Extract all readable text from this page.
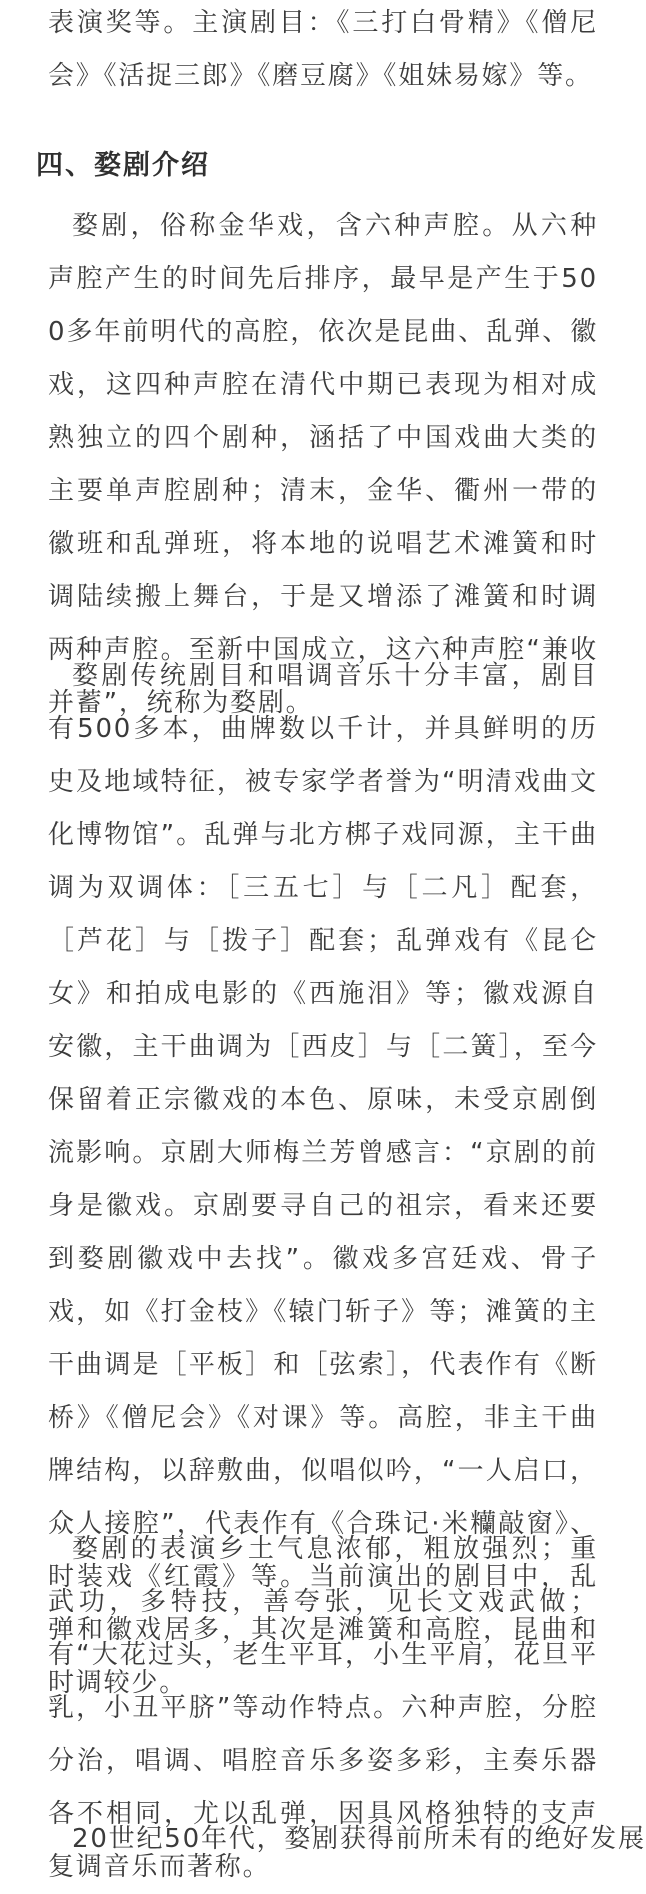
表演奖等。主演剧目：《三打白骨精》《僧尼会》《活捉三郎》《磨豆腐》《姐妹易嫁》等。

四、婺剧介绍

婺剧，俗称金华戏，含六种声腔。从六种声腔产生的时间先后排序，最早是产生于500多年前明代的高腔，依次是昆曲、乱弹、徽戏，这四种声腔在清代中期已表现为相对成熟独立的四个剧种，涵括了中国戏曲大类的主要单声腔剧种；清末，金华、衢州一带的徽班和乱弹班，将本地的说唱艺术滩簧和时调陆续搬上舞台，于是又增添了滩簧和时调两种声腔。至新中国成立，这六种声腔“兼收并蓄”，统称为婺剧。

婺剧传统剧目和唱调音乐十分丰富，剧目有500多本，曲牌数以千计，并具鲜明的历史及地域特征，被专家学者誉为“明清戏曲文化博物馆”。乱弹与北方梆子戏同源，主干曲调为双调体：［三五七］与［二凡］配套，［芦花］与［拨子］配套；乱弹戏有《昆仑女》和拍成电影的《西施泪》等；徽戏源自安徽，主干曲调为［西皮］与［二簧］，至今保留着正宗徽戏的本色、原味，未受京剧倒流影响。京剧大师梅兰芳曾感言：“京剧的前身是徽戏。京剧要寻自己的祖宗，看来还要到婺剧徽戏中去找”。徽戏多宫廷戏、骨子戏，如《打金枝》《辕门斩子》等；滩簧的主干曲调是［平板］和［弦索］，代表作有《断桥》《僧尼会》《对课》等。高腔，非主干曲牌结构，以辞敷曲，似唱似吟，“一人启口，众人接腔”，代表作有《合珠记·米糷敲窗》、时装戏《红霞》等。当前演出的剧目中，乱弹和徽戏居多，其次是滩簧和高腔，昆曲和时调较少。

婺剧的表演乡土气息浓郁，粗放强烈；重武功，多特技，善夸张，见长文戏武做；有“大花过头，老生平耳，小生平肩，花旦平乳，小丑平脐”等动作特点。六种声腔，分腔分治，唱调、唱腔音乐多姿多彩，主奏乐器各不相同，尤以乱弹，因具风格独特的支声复调音乐而著称。

20世纪50年代，婺剧获得前所未有的绝好发展
